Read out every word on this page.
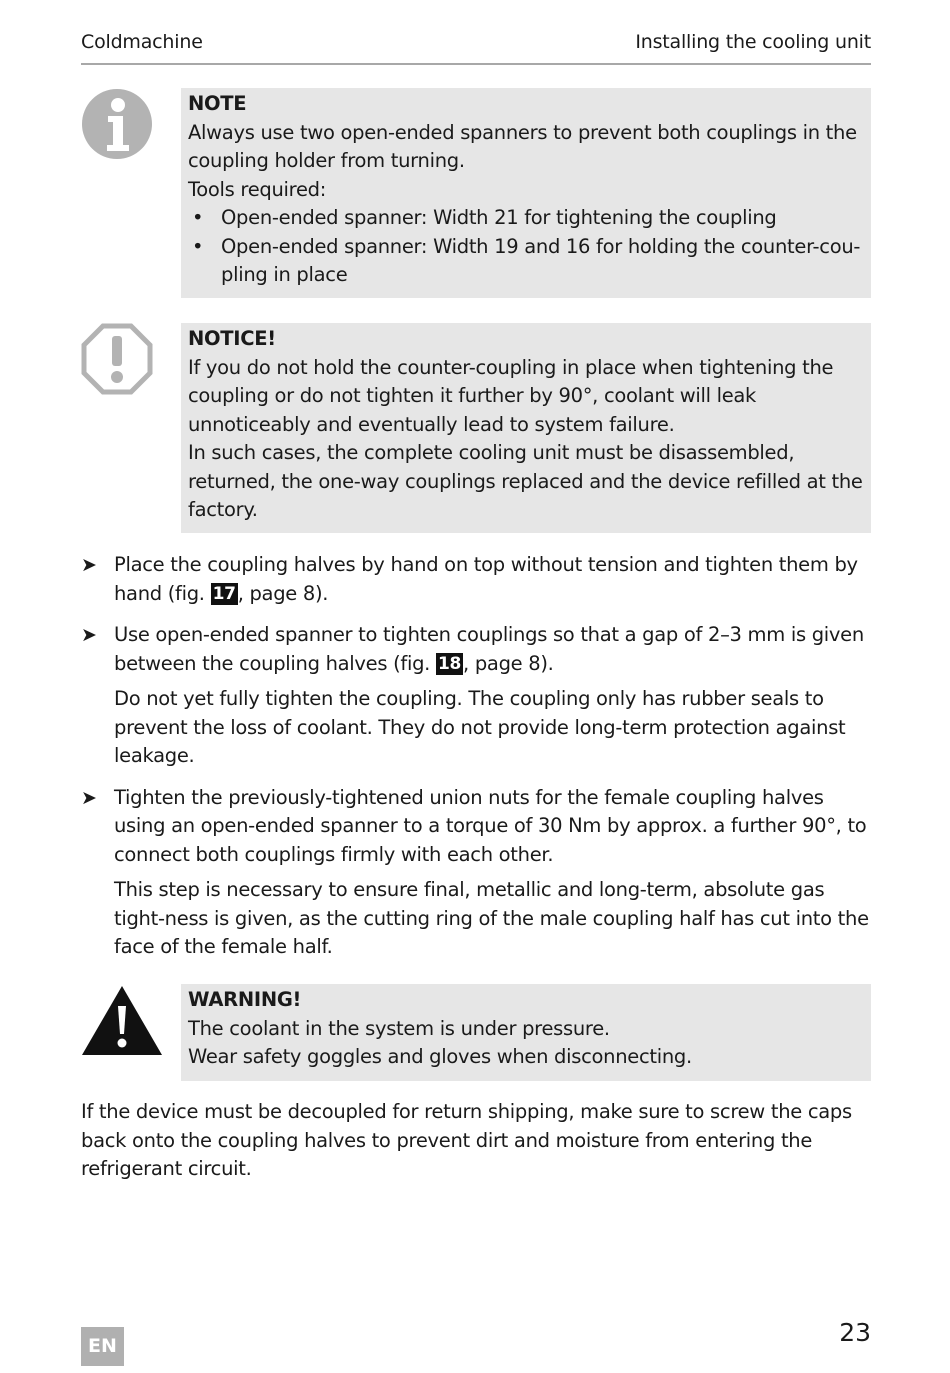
Coldmachine	Installing the cooling unit
NOTE
Always use two open-ended spanners to prevent both couplings in the coupling holder from turning.
Tools required:
• Open-ended spanner: Width 21 for tightening the coupling
• Open-ended spanner: Width 19 and 16 for holding the counter-cou-pling in place
NOTICE!
If you do not hold the counter-coupling in place when tightening the coupling or do not tighten it further by 90°, coolant will leak unnoticeably and eventually lead to system failure.
In such cases, the complete cooling unit must be disassembled, returned, the one-way couplings replaced and the device refilled at the factory.
➤ Place the coupling halves by hand on top without tension and tighten them by hand (fig. 17 , page 8).

➤ Use open-ended spanner to tighten couplings so that a gap of 2–3 mm is given between the coupling halves (fig. 18 , page 8).

Do not yet fully tighten the coupling. The coupling only has rubber seals to prevent the loss of coolant. They do not provide long-term protection against leakage.

➤ Tighten the previously-tightened union nuts for the female coupling halves using an open-ended spanner to a torque of 30 Nm by approx. a further 90°, to connect both couplings firmly with each other.

This step is necessary to ensure final, metallic and long-term, absolute gas tight-ness is given, as the cutting ring of the male coupling half has cut into the face of the female half.

WARNING!
The coolant in the system is under pressure.
Wear safety goggles and gloves when disconnecting.
If the device must be decoupled for return shipping, make sure to screw the caps back onto the coupling halves to prevent dirt and moisture from entering the refrigerant circuit.
EN	23
